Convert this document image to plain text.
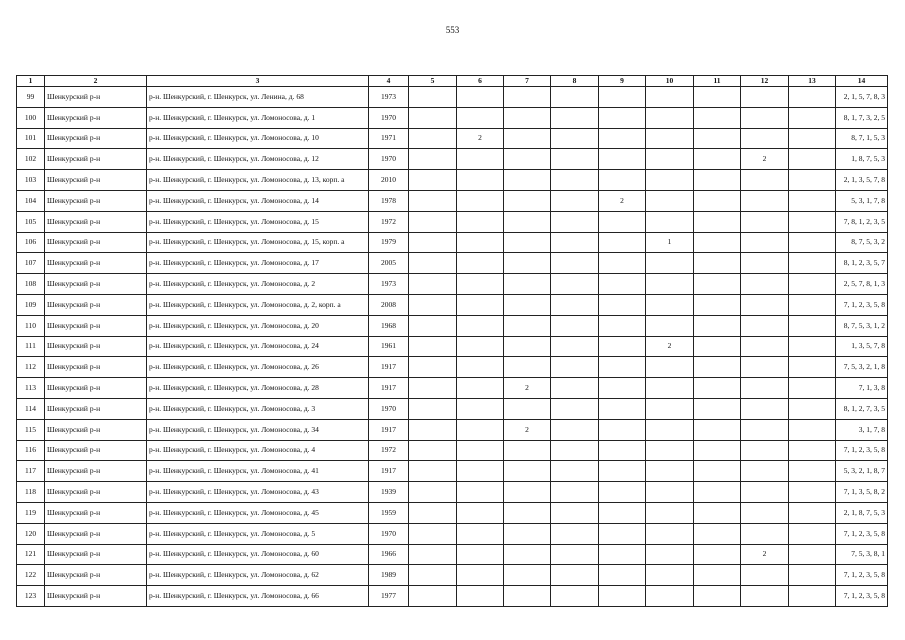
553
1	2	3	4	5	6	7	8	9	10	11	12	13	14
99	Шенкурский р-н	р-н. Шенкурский, г. Шенкурск, ул. Ленина, д. 68	1973										2, 1, 5, 7, 8, 3
100	Шенкурский р-н	р-н. Шенкурский, г. Шенкурск, ул. Ломоносова, д. 1	1970										8, 1, 7, 3, 2, 5
101	Шенкурский р-н	р-н. Шенкурский, г. Шенкурск, ул. Ломоносова, д. 10	1971		2								8, 7, 1, 5, 3
102	Шенкурский р-н	р-н. Шенкурский, г. Шенкурск, ул. Ломоносова, д. 12	1970								2		1, 8, 7, 5, 3
103	Шенкурский р-н	р-н. Шенкурский, г. Шенкурск, ул. Ломоносова, д. 13, корп. а	2010										2, 1, 3, 5, 7, 8
104	Шенкурский р-н	р-н. Шенкурский, г. Шенкурск, ул. Ломоносова, д. 14	1978					2					5, 3, 1, 7, 8
105	Шенкурский р-н	р-н. Шенкурский, г. Шенкурск, ул. Ломоносова, д. 15	1972										7, 8, 1, 2, 3, 5
106	Шенкурский р-н	р-н. Шенкурский, г. Шенкурск, ул. Ломоносова, д. 15, корп. а	1979						1				8, 7, 5, 3, 2
107	Шенкурский р-н	р-н. Шенкурский, г. Шенкурск, ул. Ломоносова, д. 17	2005										8, 1, 2, 3, 5, 7
108	Шенкурский р-н	р-н. Шенкурский, г. Шенкурск, ул. Ломоносова, д. 2	1973										2, 5, 7, 8, 1, 3
109	Шенкурский р-н	р-н. Шенкурский, г. Шенкурск, ул. Ломоносова, д. 2, корп. а	2008										7, 1, 2, 3, 5, 8
110	Шенкурский р-н	р-н. Шенкурский, г. Шенкурск, ул. Ломоносова, д. 20	1968										8, 7, 5, 3, 1, 2
111	Шенкурский р-н	р-н. Шенкурский, г. Шенкурск, ул. Ломоносова, д. 24	1961						2				1, 3, 5, 7, 8
112	Шенкурский р-н	р-н. Шенкурский, г. Шенкурск, ул. Ломоносова, д. 26	1917										7, 5, 3, 2, 1, 8
113	Шенкурский р-н	р-н. Шенкурский, г. Шенкурск, ул. Ломоносова, д. 28	1917			2							7, 1, 3, 8
114	Шенкурский р-н	р-н. Шенкурский, г. Шенкурск, ул. Ломоносова, д. 3	1970										8, 1, 2, 7, 3, 5
115	Шенкурский р-н	р-н. Шенкурский, г. Шенкурск, ул. Ломоносова, д. 34	1917			2							3, 1, 7, 8
116	Шенкурский р-н	р-н. Шенкурский, г. Шенкурск, ул. Ломоносова, д. 4	1972										7, 1, 2, 3, 5, 8
117	Шенкурский р-н	р-н. Шенкурский, г. Шенкурск, ул. Ломоносова, д. 41	1917										5, 3, 2, 1, 8, 7
118	Шенкурский р-н	р-н. Шенкурский, г. Шенкурск, ул. Ломоносова, д. 43	1939										7, 1, 3, 5, 8, 2
119	Шенкурский р-н	р-н. Шенкурский, г. Шенкурск, ул. Ломоносова, д. 45	1959										2, 1, 8, 7, 5, 3
120	Шенкурский р-н	р-н. Шенкурский, г. Шенкурск, ул. Ломоносова, д. 5	1970										7, 1, 2, 3, 5, 8
121	Шенкурский р-н	р-н. Шенкурский, г. Шенкурск, ул. Ломоносова, д. 60	1966								2		7, 5, 3, 8, 1
122	Шенкурский р-н	р-н. Шенкурский, г. Шенкурск, ул. Ломоносова, д. 62	1989										7, 1, 2, 3, 5, 8
123	Шенкурский р-н	р-н. Шенкурский, г. Шенкурск, ул. Ломоносова, д. 66	1977										7, 1, 2, 3, 5, 8
